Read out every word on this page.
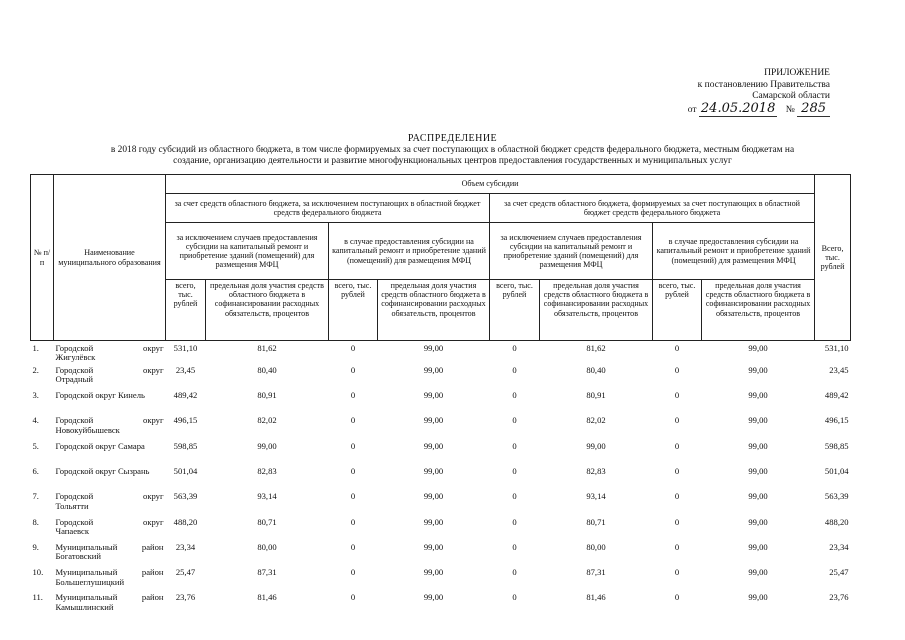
ПРИЛОЖЕНИЕ
к постановлению Правительства
Самарской области
от 24.05.2018 № 285
РАСПРЕДЕЛЕНИЕ
в 2018 году субсидий из областного бюджета, в том числе формируемых за счет поступающих в областной бюджет средств федерального бюджета, местным бюджетам на
создание, организацию деятельности и развитие многофункциональных центров предоставления государственных и муниципальных услуг
№ п/п	Наименование муниципального образования	Объем субсидии								Всего, тыс. рублей
		за счет средств областного бюджета, за исключением поступающих в областной бюджет средств федерального бюджета				за счет средств областного бюджета, формируемых за счет поступающих в областной бюджет средств федерального бюджета				
		за исключением случаев предоставления субсидии на капитальный ремонт и приобретение зданий (помещений) для размещения МФЦ		в случае предоставления субсидии на капитальный ремонт и приобретение зданий (помещений) для размещения МФЦ		за исключением случаев предоставления субсидии на капитальный ремонт и приобретение зданий (помещений) для размещения МФЦ		в случае предоставления субсидии на капитальный ремонт и приобретение зданий (помещений) для размещения МФЦ		
		всего, тыс. рублей	предельная доля участия средств областного бюджета в софинансировании расходных обязательств, процентов	всего, тыс. рублей	предельная доля участия средств областного бюджета в софинансировании расходных обязательств, процентов	всего, тыс. рублей	предельная доля участия средств областного бюджета в софинансировании расходных обязательств, процентов	всего, тыс. рублей	предельная доля участия средств областного бюджета в софинансировании расходных обязательств, процентов	
1.	Городской округ
Жигулёвск	531,10	81,62	0	99,00	0	81,62	0	99,00	531,10
2.	Городской округ
Отрадный	23,45	80,40	0	99,00	0	80,40	0	99,00	23,45
3.	Городской округ Кинель	489,42	80,91	0	99,00	0	80,91	0	99,00	489,42
4.	Городской округ
Новокуйбышевск	496,15	82,02	0	99,00	0	82,02	0	99,00	496,15
5.	Городской округ Самара	598,85	99,00	0	99,00	0	99,00	0	99,00	598,85
6.	Городской округ Сызрань	501,04	82,83	0	99,00	0	82,83	0	99,00	501,04
7.	Городской округ
Тольятти	563,39	93,14	0	99,00	0	93,14	0	99,00	563,39
8.	Городской округ
Чапаевск	488,20	80,71	0	99,00	0	80,71	0	99,00	488,20
9.	Муниципальный район
Богатовский	23,34	80,00	0	99,00	0	80,00	0	99,00	23,34
10.	Муниципальный район
Большеглушицкий	25,47	87,31	0	99,00	0	87,31	0	99,00	25,47
11.	Муниципальный район
Камышлинский	23,76	81,46	0	99,00	0	81,46	0	99,00	23,76
